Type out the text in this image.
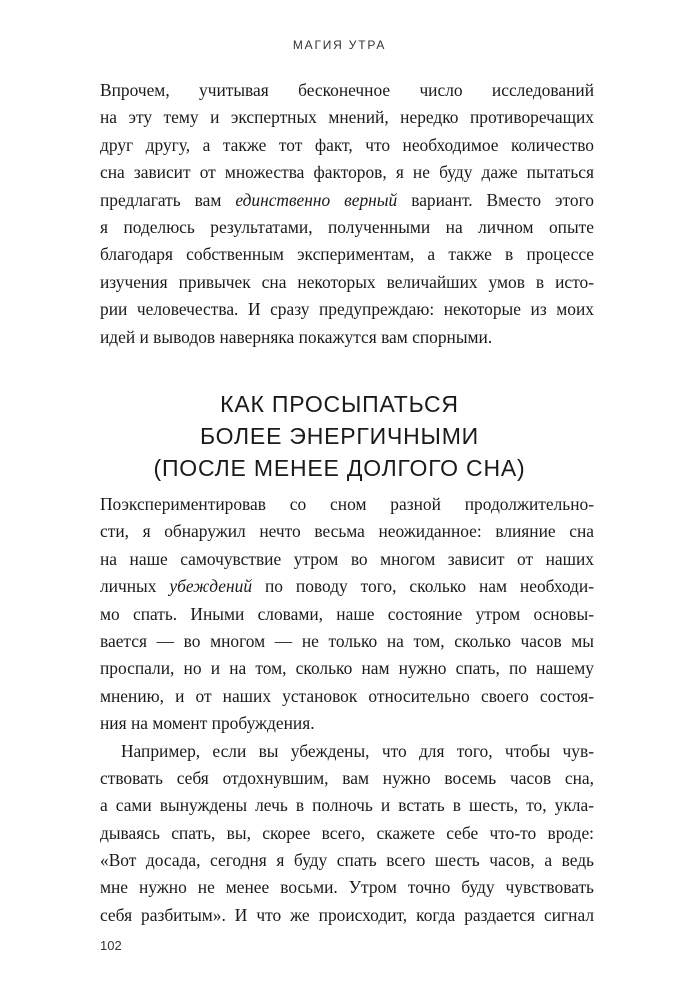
МАГИЯ УТРА
Впрочем, учитывая бесконечное число исследований
на эту тему и экспертных мнений, нередко противоречащих
друг другу, а также тот факт, что необходимое количество
сна зависит от множества факторов, я не буду даже пытаться
предлагать вам единственно верный вариант. Вместо этого
я поделюсь результатами, полученными на личном опыте
благодаря собственным экспериментам, а также в процессе
изучения привычек сна некоторых величайших умов в исто-
рии человечества. И сразу предупреждаю: некоторые из моих
идей и выводов наверняка покажутся вам спорными.
КАК ПРОСЫПАТЬСЯ
БОЛЕЕ ЭНЕРГИЧНЫМИ
(ПОСЛЕ МЕНЕЕ ДОЛГОГО СНА)
Поэкспериментировав со сном разной продолжительно-
сти, я обнаружил нечто весьма неожиданное: влияние сна
на наше самочувствие утром во многом зависит от наших
личных убеждений по поводу того, сколько нам необходи-
мо спать. Иными словами, наше состояние утром основы-
вается — во многом — не только на том, сколько часов мы
проспали, но и на том, сколько нам нужно спать, по нашему
мнению, и от наших установок относительно своего состоя-
ния на момент пробуждения.
Например, если вы убеждены, что для того, чтобы чув-
ствовать себя отдохнувшим, вам нужно восемь часов сна,
а сами вынуждены лечь в полночь и встать в шесть, то, укла-
дываясь спать, вы, скорее всего, скажете себе что-то вроде:
«Вот досада, сегодня я буду спать всего шесть часов, а ведь
мне нужно не менее восьми. Утром точно буду чувствовать
себя разбитым». И что же происходит, когда раздается сигнал
102
